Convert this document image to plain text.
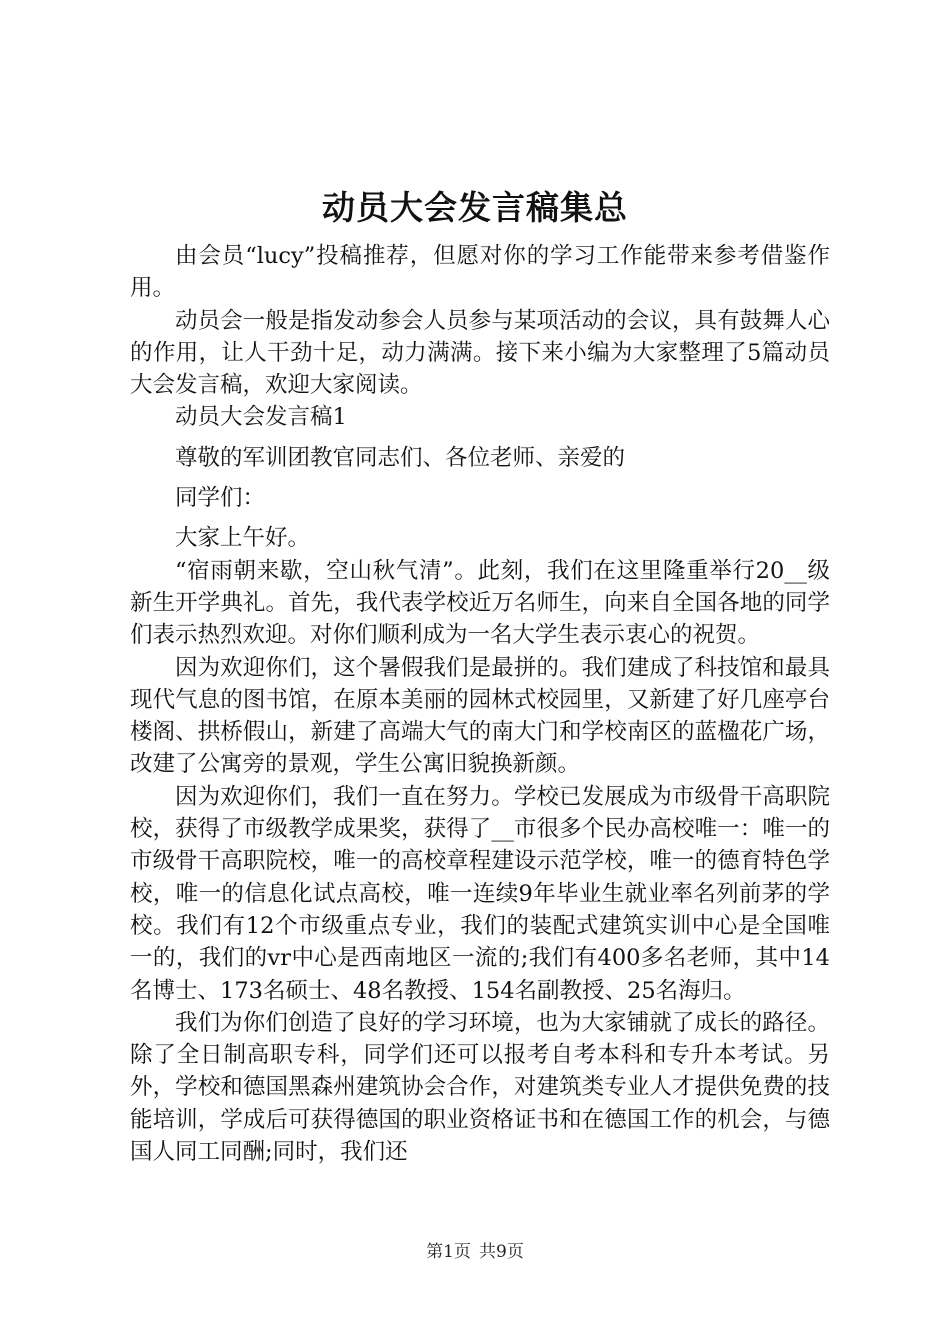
动员大会发言稿集总

由会员“lucy”投稿推荐，但愿对你的学习工作能带来参考借鉴作用。

动员会一般是指发动参会人员参与某项活动的会议，具有鼓舞人心的作用，让人干劲十足，动力满满。接下来小编为大家整理了5篇动员大会发言稿，欢迎大家阅读。

动员大会发言稿1

尊敬的军训团教官同志们、各位老师、亲爱的

同学们：

大家上午好。

“宿雨朝来歇，空山秋气清”。此刻，我们在这里隆重举行20__级新生开学典礼。首先，我代表学校近万名师生，向来自全国各地的同学们表示热烈欢迎。对你们顺利成为一名大学生表示衷心的祝贺。

因为欢迎你们，这个暑假我们是最拼的。我们建成了科技馆和最具现代气息的图书馆，在原本美丽的园林式校园里，又新建了好几座亭台楼阁、拱桥假山，新建了高端大气的南大门和学校南区的蓝楹花广场，改建了公寓旁的景观，学生公寓旧貌换新颜。

因为欢迎你们，我们一直在努力。学校已发展成为市级骨干高职院校，获得了市级教学成果奖，获得了__市很多个民办高校唯一：唯一的市级骨干高职院校，唯一的高校章程建设示范学校，唯一的德育特色学校，唯一的信息化试点高校，唯一连续9年毕业生就业率名列前茅的学校。我们有12个市级重点专业，我们的装配式建筑实训中心是全国唯一的，我们的vr中心是西南地区一流的;我们有400多名老师，其中14名博士、173名硕士、48名教授、154名副教授、25名海归。

我们为你们创造了良好的学习环境，也为大家铺就了成长的路径。除了全日制高职专科，同学们还可以报考自考本科和专升本考试。另外，学校和德国黑森州建筑协会合作，对建筑类专业人才提供免费的技能培训，学成后可获得德国的职业资格证书和在德国工作的机会，与德国人同工同酬;同时，我们还

第1页 共9页
